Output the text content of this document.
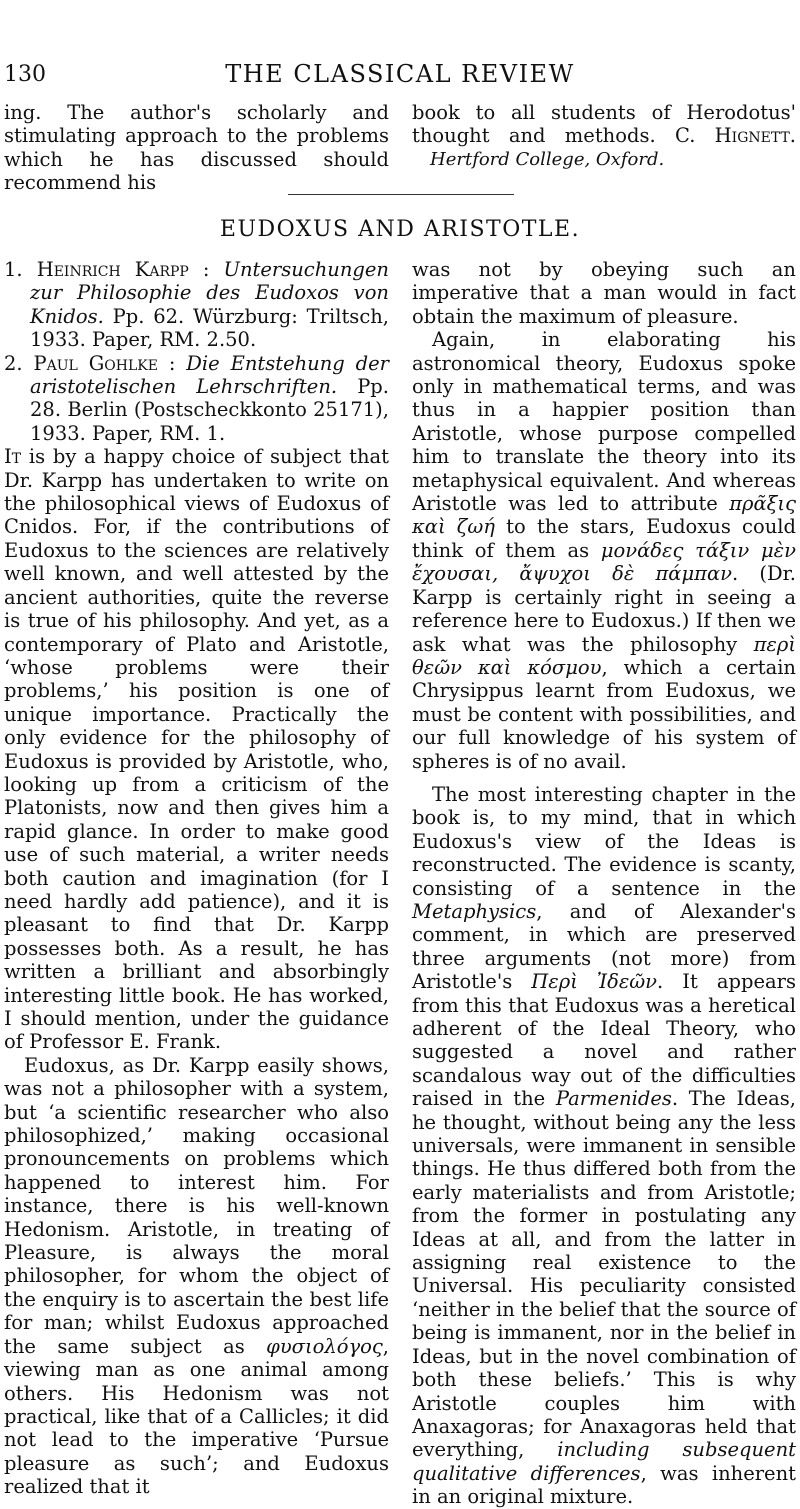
130	THE CLASSICAL REVIEW

ing. The author's scholarly and stimulating approach to the problems which he has discussed should recommend his

book to all students of Herodotus' thought and methods. C. Hignett.

Hertford College, Oxford.

EUDOXUS AND ARISTOTLE.

1. Heinrich Karpp : Untersuchungen zur Philosophie des Eudoxos von Knidos. Pp. 62. Würzburg: Triltsch, 1933. Paper, RM. 2.50.

2. Paul Gohlke : Die Entstehung der aristotelischen Lehrschriften. Pp. 28. Berlin (Postscheckkonto 25171), 1933. Paper, RM. 1.

It is by a happy choice of subject that Dr. Karpp has undertaken to write on the philosophical views of Eudoxus of Cnidos. For, if the contributions of Eudoxus to the sciences are relatively well known, and well attested by the ancient authorities, quite the reverse is true of his philosophy. And yet, as a contemporary of Plato and Aristotle, ‘whose problems were their problems,’ his position is one of unique importance. Practically the only evidence for the philosophy of Eudoxus is provided by Aristotle, who, looking up from a criticism of the Platonists, now and then gives him a rapid glance. In order to make good use of such material, a writer needs both caution and imagination (for I need hardly add patience), and it is pleasant to find that Dr. Karpp possesses both. As a result, he has written a brilliant and absorbingly interesting little book. He has worked, I should mention, under the guidance of Professor E. Frank.

Eudoxus, as Dr. Karpp easily shows, was not a philosopher with a system, but ‘a scientific researcher who also philosophized,’ making occasional pronouncements on problems which happened to interest him. For instance, there is his well-known Hedonism. Aristotle, in treating of Pleasure, is always the moral philosopher, for whom the object of the enquiry is to ascertain the best life for man; whilst Eudoxus approached the same subject as φυσιολόγος, viewing man as one animal among others. His Hedonism was not practical, like that of a Callicles; it did not lead to the imperative ‘Pursue pleasure as such’; and Eudoxus realized that it

was not by obeying such an imperative that a man would in fact obtain the maximum of pleasure.

Again, in elaborating his astronomical theory, Eudoxus spoke only in mathematical terms, and was thus in a happier position than Aristotle, whose purpose compelled him to translate the theory into its metaphysical equivalent. And whereas Aristotle was led to attribute πρᾶξις καὶ ζωή to the stars, Eudoxus could think of them as μονάδες τάξιν μὲν ἔχουσαι, ἄψυχοι δὲ πάμπαν. (Dr. Karpp is certainly right in seeing a reference here to Eudoxus.) If then we ask what was the philosophy περὶ θεῶν καὶ κόσμου, which a certain Chrysippus learnt from Eudoxus, we must be content with possibilities, and our full knowledge of his system of spheres is of no avail.

The most interesting chapter in the book is, to my mind, that in which Eudoxus's view of the Ideas is reconstructed. The evidence is scanty, consisting of a sentence in the Metaphysics, and of Alexander's comment, in which are preserved three arguments (not more) from Aristotle's Περὶ Ἰδεῶν. It appears from this that Eudoxus was a heretical adherent of the Ideal Theory, who suggested a novel and rather scandalous way out of the difficulties raised in the Parmenides. The Ideas, he thought, without being any the less universals, were immanent in sensible things. He thus differed both from the early materialists and from Aristotle; from the former in postulating any Ideas at all, and from the latter in assigning real existence to the Universal. His peculiarity consisted ‘neither in the belief that the source of being is immanent, nor in the belief in Ideas, but in the novel combination of both these beliefs.’ This is why Aristotle couples him with Anaxagoras; for Anaxagoras held that everything, including subsequent qualitative differences, was inherent in an original mixture.
